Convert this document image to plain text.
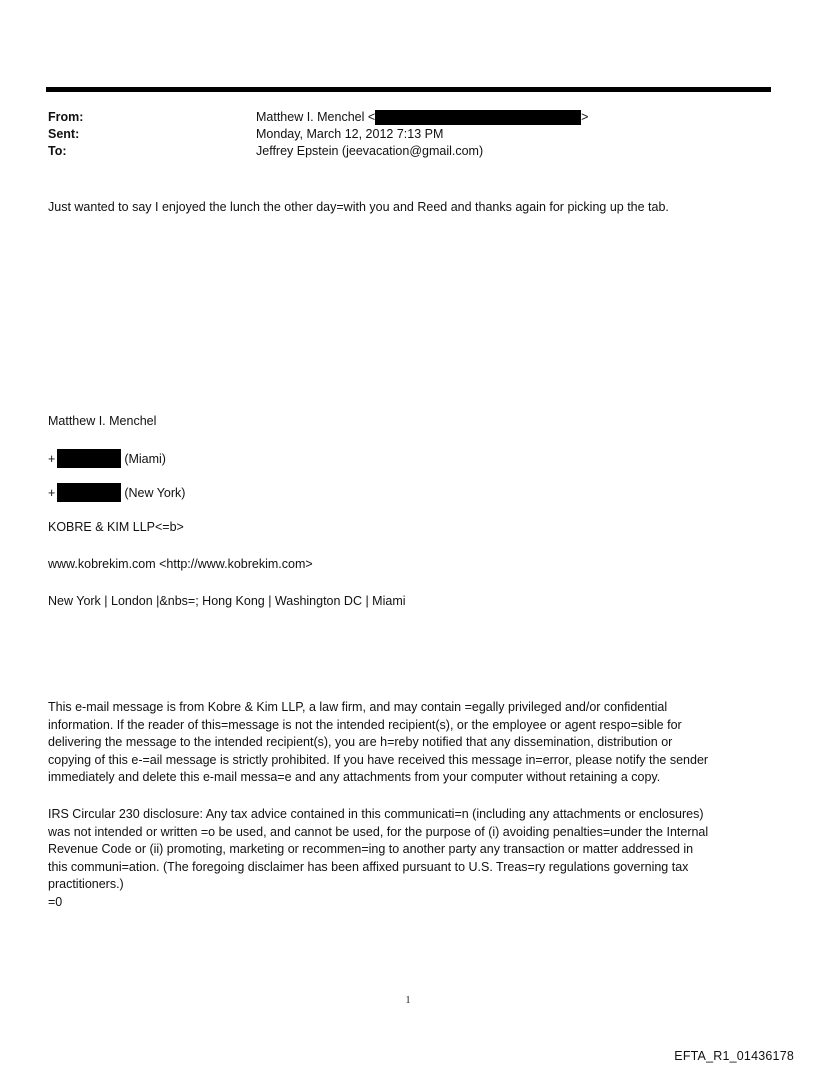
From:	Matthew I. Menchel <	>
Sent:	Monday, March 12, 2012 7:13 PM
To:	Jeffrey Epstein (jeevacation@gmail.com)
Just wanted to say I enjoyed the lunch the other day=with you and Reed and thanks again for picking up the tab.
Matthew I. Menchel
+	(Miami)
+	(New York)
KOBRE & KIM LLP<=b>
www.kobrekim.com <http://www.kobrekim.com>
New York | London |&nbs=; Hong Kong | Washington DC | Miami
This e-mail message is from Kobre & Kim LLP, a law firm, and may contain =egally privileged and/or confidential
information. If the reader of this=message is not the intended recipient(s), or the employee or agent respo=sible for
delivering the message to the intended recipient(s), you are h=reby notified that any dissemination, distribution or
copying of this e-=ail message is strictly prohibited. If you have received this message in=error, please notify the sender
immediately and delete this e-mail messa=e and any attachments from your computer without retaining a copy.
IRS Circular 230 disclosure: Any tax advice contained in this communicati=n (including any attachments or enclosures)
was not intended or written =o be used, and cannot be used, for the purpose of (i) avoiding penalties=under the Internal
Revenue Code or (ii) promoting, marketing or recommen=ing to another party any transaction or matter addressed in
this communi=ation. (The foregoing disclaimer has been affixed pursuant to U.S. Treas=ry regulations governing tax
practitioners.)
=0
1
EFTA_R1_01436178
